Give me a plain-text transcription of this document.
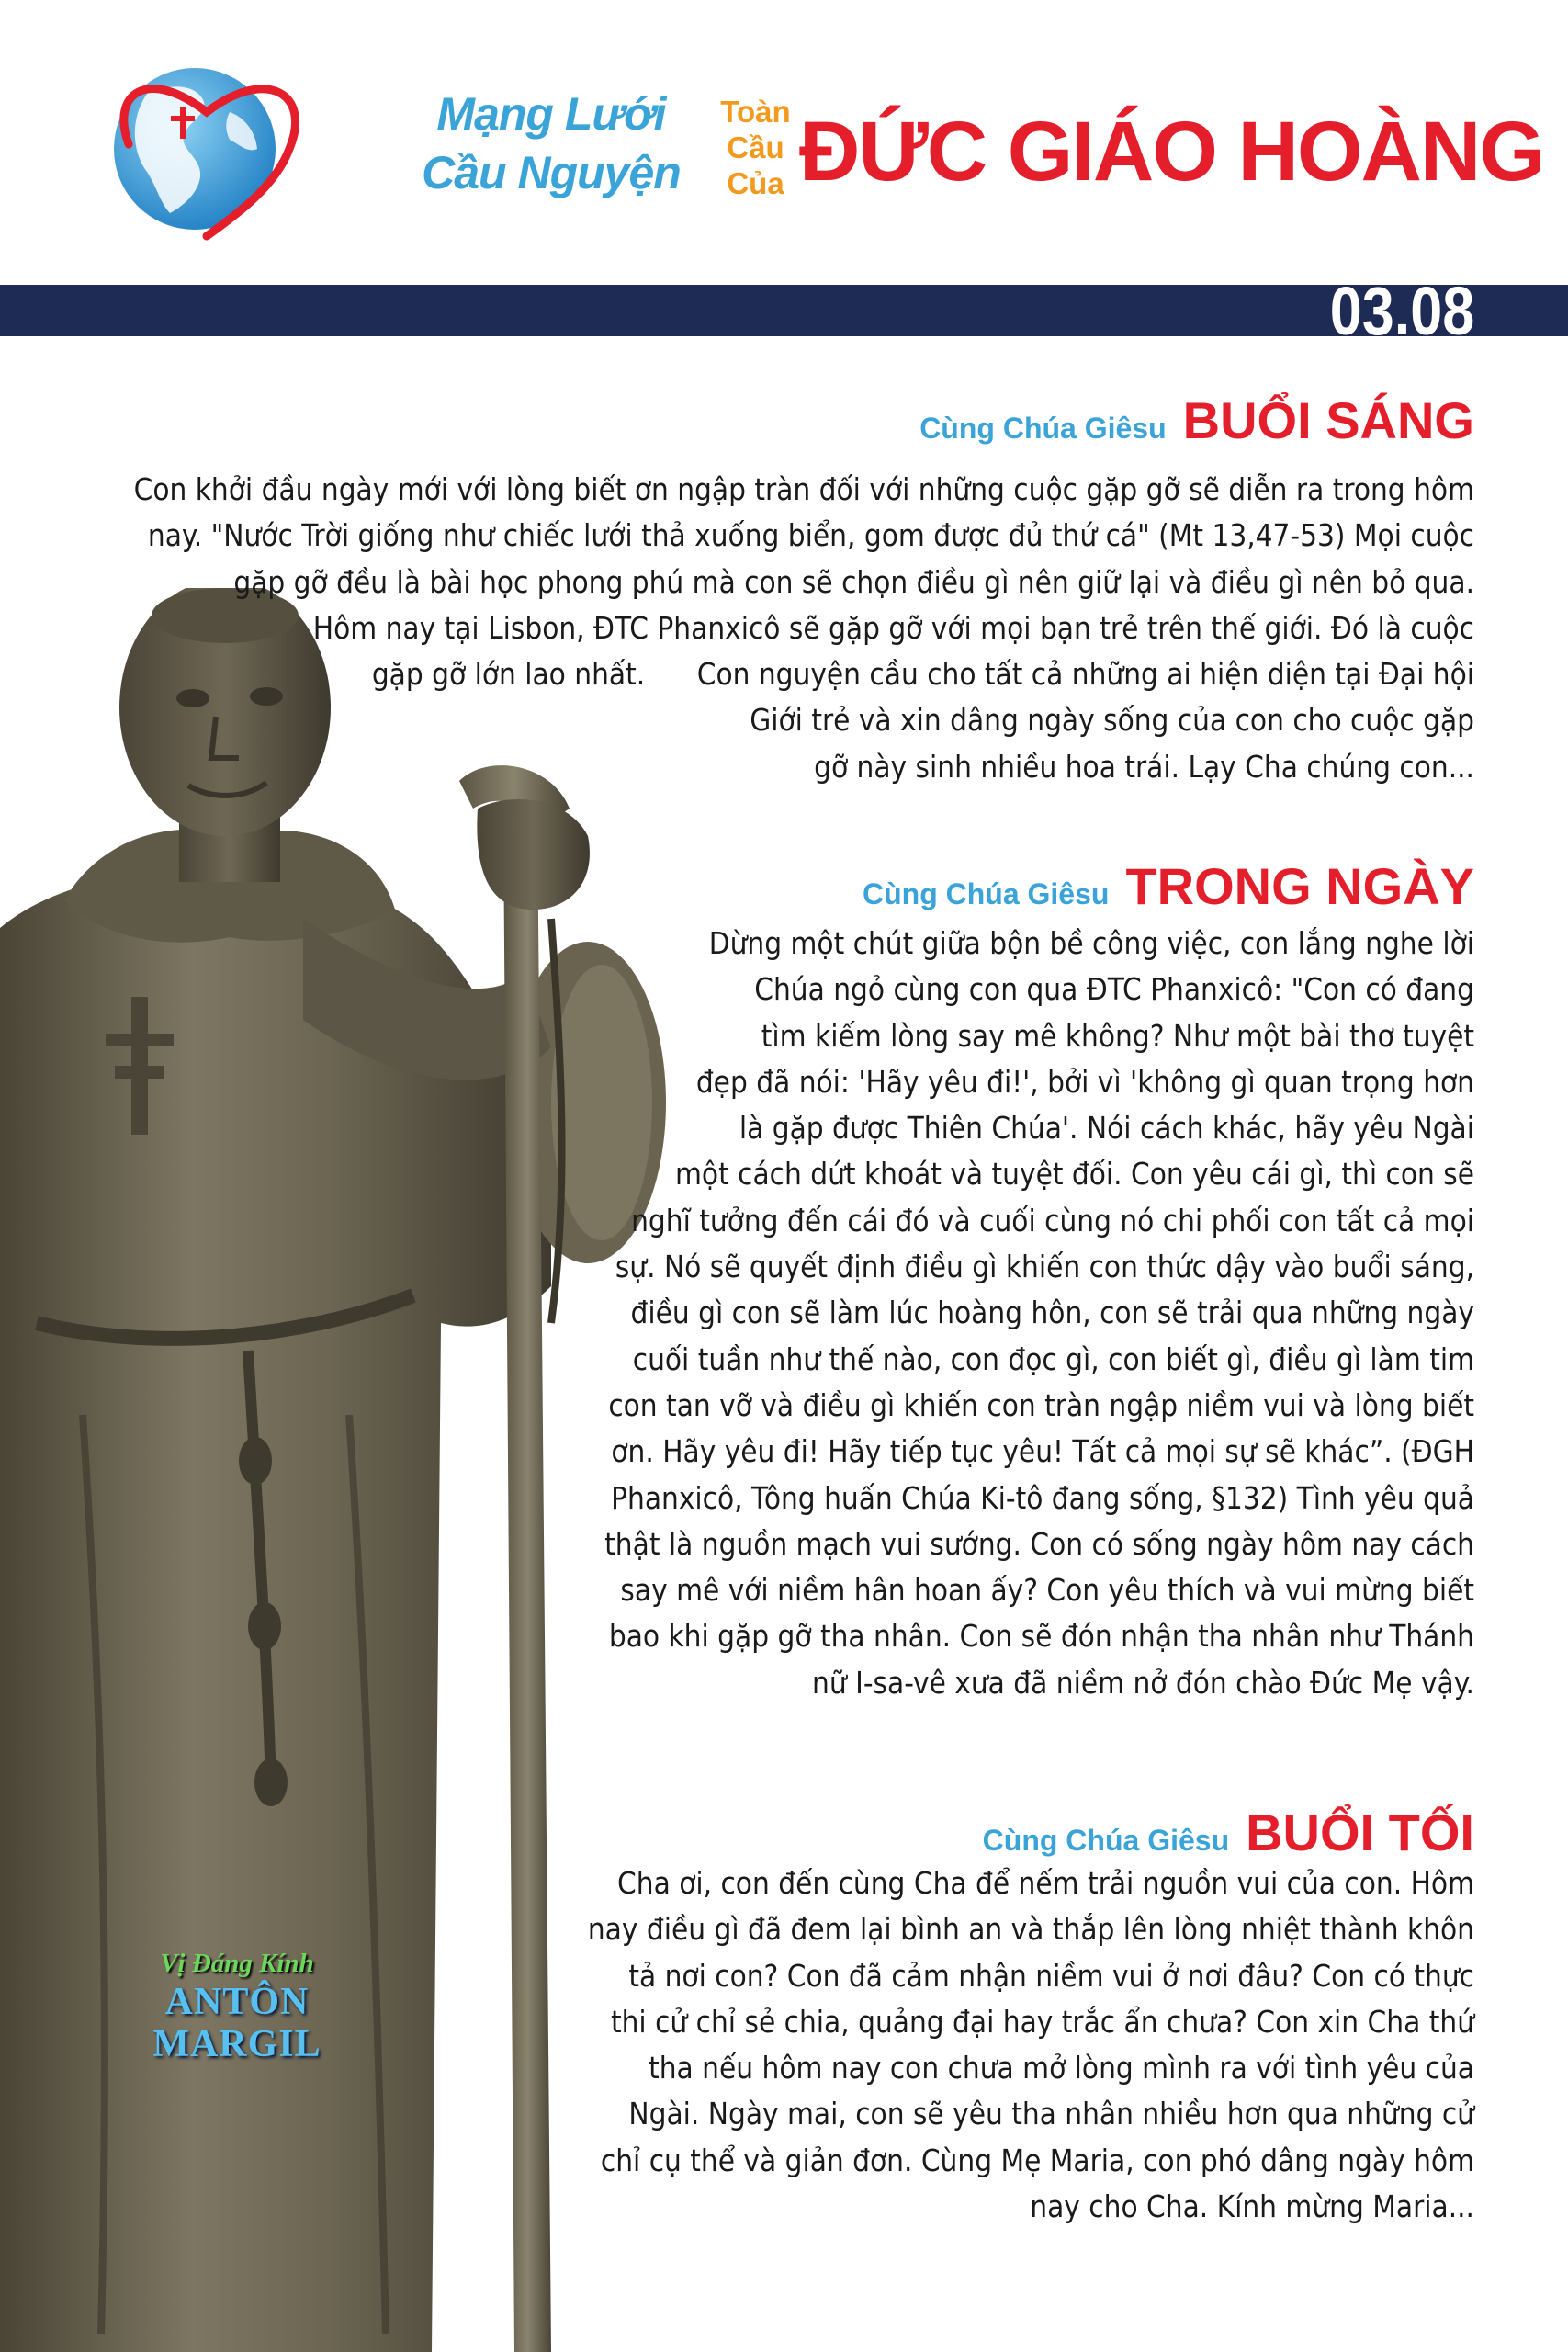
Mạng Lưới
Cầu Nguyện
Toàn
Cầu
Của ĐỨC GIÁO HOÀNG
03.08
Vị Đáng Kính
ANTÔN
MARGIL
Cùng Chúa Giêsu BUỔI SÁNG
Con khởi đầu ngày mới với lòng biết ơn ngập tràn đối với những cuộc gặp gỡ sẽ diễn ra trong hôm
nay. "Nước Trời giống như chiếc lưới thả xuống biển, gom được đủ thứ cá" (Mt 13,47-53) Mọi cuộc
gặp gỡ đều là bài học phong phú mà con sẽ chọn điều gì nên giữ lại và điều gì nên bỏ qua.
Hôm nay tại Lisbon, ĐTC Phanxicô sẽ gặp gỡ với mọi bạn trẻ trên thế giới. Đó là cuộc
gặp gỡ lớn lao nhất.      Con nguyện cầu cho tất cả những ai hiện diện tại Đại hội
Giới trẻ và xin dâng ngày sống của con cho cuộc gặp
gỡ này sinh nhiều hoa trái. Lạy Cha chúng con...
Cùng Chúa Giêsu TRONG NGÀY
Dừng một chút giữa bộn bề công việc, con lắng nghe lời
Chúa ngỏ cùng con qua ĐTC Phanxicô: "Con có đang
tìm kiếm lòng say mê không? Như một bài thơ tuyệt
đẹp đã nói: 'Hãy yêu đi!', bởi vì 'không gì quan trọng hơn
là gặp được Thiên Chúa'. Nói cách khác, hãy yêu Ngài
một cách dứt khoát và tuyệt đối. Con yêu cái gì, thì con sẽ
nghĩ tưởng đến cái đó và cuối cùng nó chi phối con tất cả mọi
sự. Nó sẽ quyết định điều gì khiến con thức dậy vào buổi sáng,
điều gì con sẽ làm lúc hoàng hôn, con sẽ trải qua những ngày
cuối tuần như thế nào, con đọc gì, con biết gì, điều gì làm tim
con tan vỡ và điều gì khiến con tràn ngập niềm vui và lòng biết
ơn. Hãy yêu đi! Hãy tiếp tục yêu! Tất cả mọi sự sẽ khác”. (ĐGH
Phanxicô, Tông huấn Chúa Ki-tô đang sống, §132) Tình yêu quả
thật là nguồn mạch vui sướng. Con có sống ngày hôm nay cách
say mê với niềm hân hoan ấy? Con yêu thích và vui mừng biết
bao khi gặp gỡ tha nhân. Con sẽ đón nhận tha nhân như Thánh
nữ I-sa-vê xưa đã niềm nở đón chào Đức Mẹ vậy.
Cùng Chúa Giêsu BUỔI TỐI
Cha ơi, con đến cùng Cha để nếm trải nguồn vui của con. Hôm
nay điều gì đã đem lại bình an và thắp lên lòng nhiệt thành khôn
tả nơi con? Con đã cảm nhận niềm vui ở nơi đâu? Con có thực
thi cử chỉ sẻ chia, quảng đại hay trắc ẩn chưa? Con xin Cha thứ
tha nếu hôm nay con chưa mở lòng mình ra với tình yêu của
Ngài. Ngày mai, con sẽ yêu tha nhân nhiều hơn qua những cử
chỉ cụ thể và giản đơn. Cùng Mẹ Maria, con phó dâng ngày hôm
nay cho Cha. Kính mừng Maria...
